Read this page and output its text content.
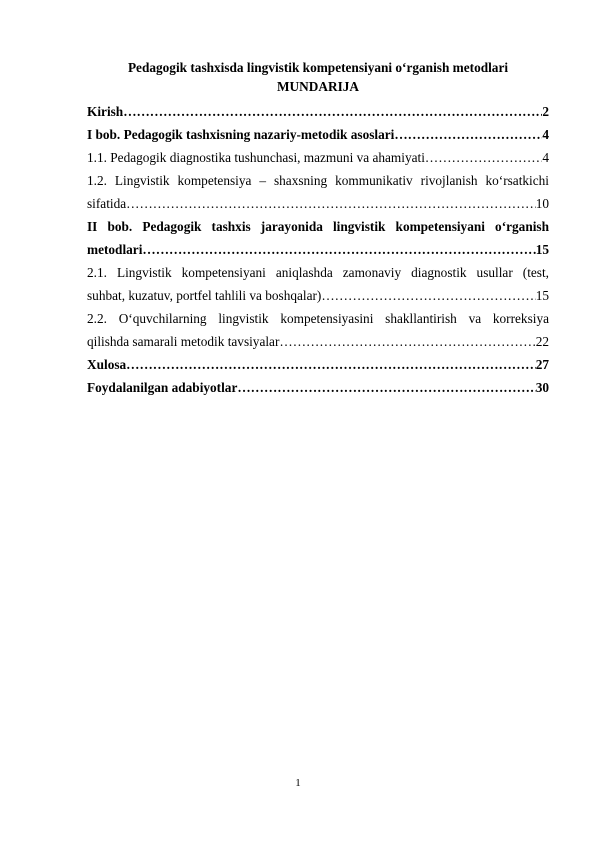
Pedagogik tashxisda lingvistik kompetensiyani o‘rganish metodlari

MUNDARIJA

Kirish …………………………………………………………………………………………………………………………………………	2
I bob. Pedagogik tashxisning nazariy-metodik asoslari …………………………………………………………………………………………………………………………………………	4
1.1. Pedagogik diagnostika tushunchasi, mazmuni va ahamiyati …………………………………………………………………………………………………………………………………………	4
1.2. Lingvistik kompetensiya – shaxsning kommunikativ rivojlanish ko‘rsatkichi
sifatida …………………………………………………………………………………………………………………………………………	10
II bob. Pedagogik tashxis jarayonida lingvistik kompetensiyani o‘rganish
metodlari …………………………………………………………………………………………………………………………………………	15
2.1. Lingvistik kompetensiyani aniqlashda zamonaviy diagnostik usullar (test,
suhbat, kuzatuv, portfel tahlili va boshqalar) …………………………………………………………………………………………………………………………………………	15
2.2. O‘quvchilarning lingvistik kompetensiyasini shakllantirish va korreksiya
qilishda samarali metodik tavsiyalar …………………………………………………………………………………………………………………………………………	22
Xulosa …………………………………………………………………………………………………………………………………………	27
Foydalanilgan adabiyotlar …………………………………………………………………………………………………………………………………………	30
1
